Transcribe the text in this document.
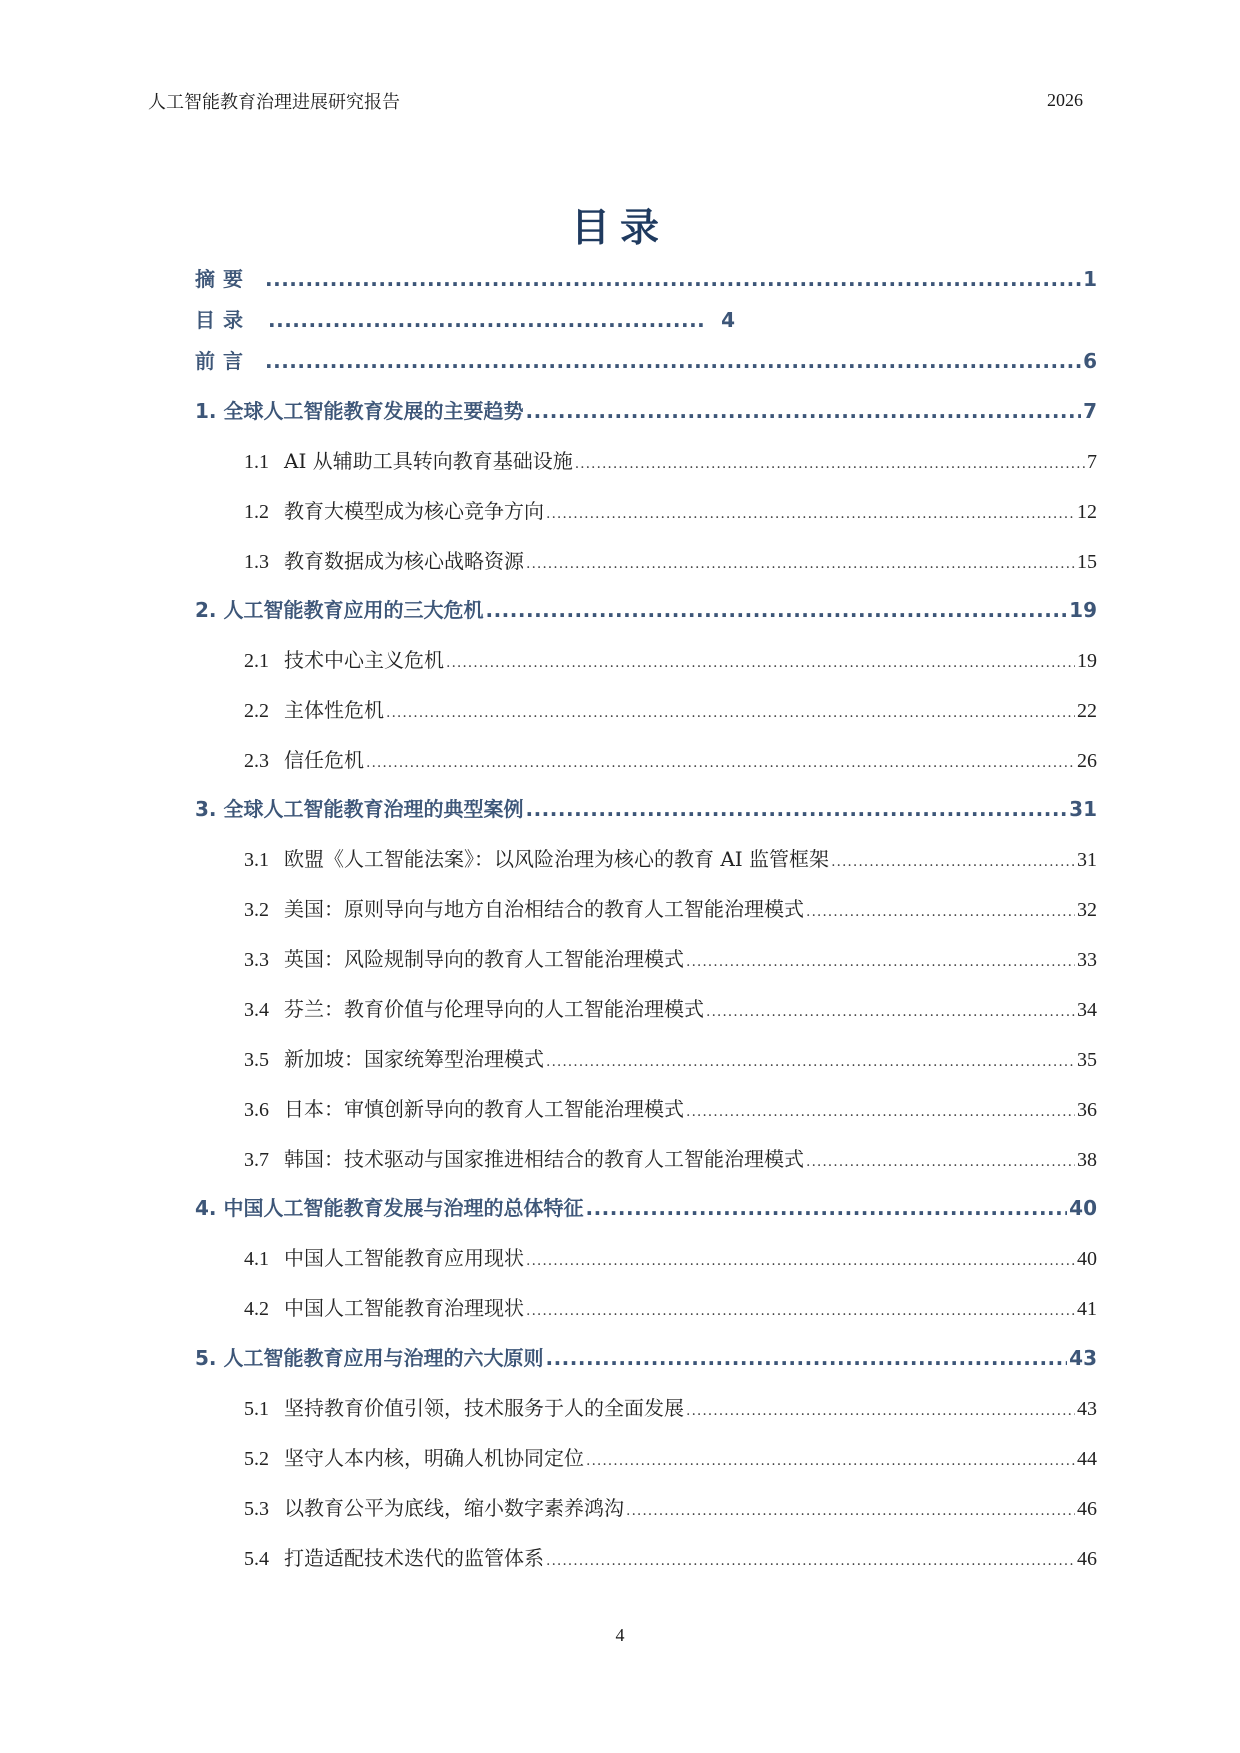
人工智能教育治理进展研究报告	2026
目录
摘要 .....	1
目录 .....	4
前言 .....	6
1. 全球人工智能教育发展的主要趋势 .....	7
1.1 AI 从辅助工具转向教育基础设施 .....	7
1.2 教育大模型成为核心竞争方向 .....	12
1.3 教育数据成为核心战略资源 .....	15
2. 人工智能教育应用的三大危机 .....	19
2.1 技术中心主义危机 .....	19
2.2 主体性危机 .....	22
2.3 信任危机 .....	26
3. 全球人工智能教育治理的典型案例 .....	31
3.1 欧盟《人工智能法案》：以风险治理为核心的教育 AI 监管框架 .....	31
3.2 美国：原则导向与地方自治相结合的教育人工智能治理模式 .....	32
3.3 英国：风险规制导向的教育人工智能治理模式 .....	33
3.4 芬兰：教育价值与伦理导向的人工智能治理模式 .....	34
3.5 新加坡：国家统筹型治理模式 .....	35
3.6 日本：审慎创新导向的教育人工智能治理模式 .....	36
3.7 韩国：技术驱动与国家推进相结合的教育人工智能治理模式 .....	38
4. 中国人工智能教育发展与治理的总体特征 .....	40
4.1 中国人工智能教育应用现状 .....	40
4.2 中国人工智能教育治理现状 .....	41
5. 人工智能教育应用与治理的六大原则 .....	43
5.1 坚持教育价值引领，技术服务于人的全面发展 .....	43
5.2 坚守人本内核，明确人机协同定位 .....	44
5.3 以教育公平为底线，缩小数字素养鸿沟 .....	46
5.4 打造适配技术迭代的监管体系 .....	46
4
